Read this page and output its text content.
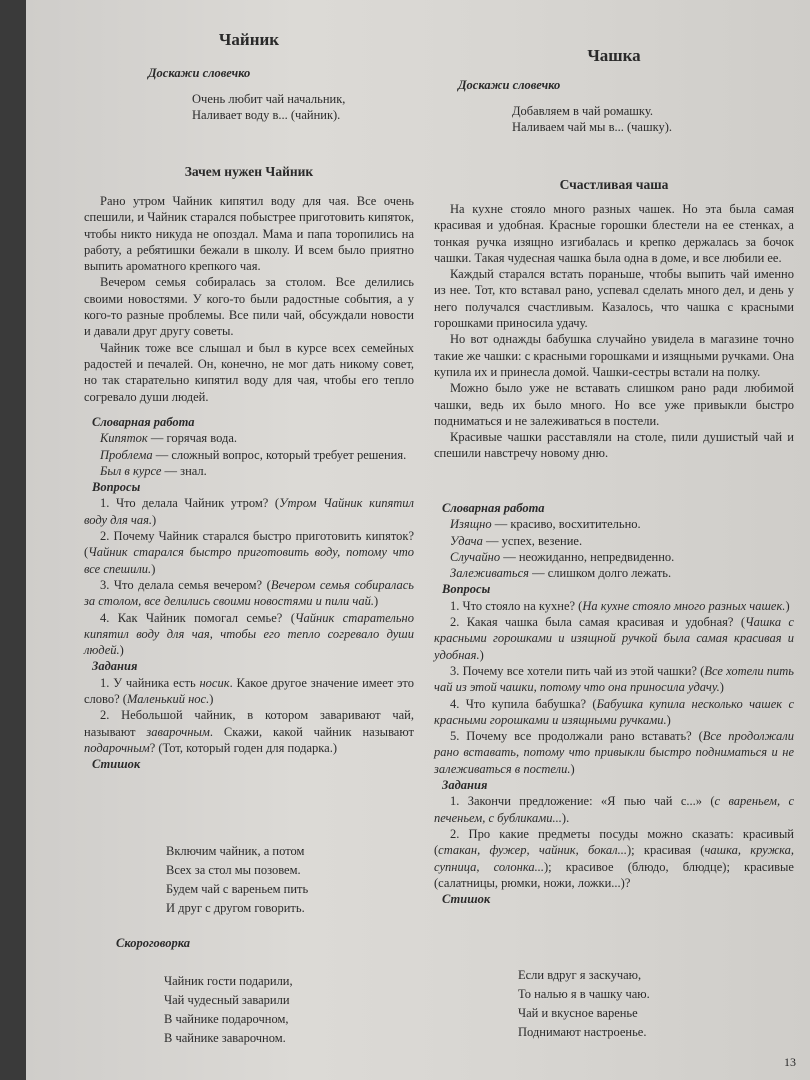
Чайник
Доскажи словечко
Очень любит чай начальник,
Наливает воду в... (чайник).
Зачем нужен Чайник

Рано утром Чайник кипятил воду для чая. Все очень спешили, и Чайник старался побыстрее приготовить кипяток, чтобы никто никуда не опоздал. Мама и папа торопились на работу, а ребятишки бежали в школу. И всем было приятно выпить ароматного крепкого чая.

Вечером семья собиралась за столом. Все делились своими новостями. У кого-то были радостные события, а у кого-то разные проблемы. Все пили чай, обсуждали новости и давали друг другу советы.

Чайник тоже все слышал и был в курсе всех семейных радостей и печалей. Он, конечно, не мог дать никому совет, но так старательно кипятил воду для чая, чтобы его тепло согревало души людей.

Словарная работа

Кипяток — горячая вода.

Проблема — сложный вопрос, который требует решения.

Был в курсе — знал.

Вопросы

1. Что делала Чайник утром? (Утром Чайник кипятил воду для чая.)

2. Почему Чайник старался быстро приготовить кипяток? (Чайник старался быстро приготовить воду, потому что все спешили.)

3. Что делала семья вечером? (Вечером семья собиралась за столом, все делились своими новостями и пили чай.)

4. Как Чайник помогал семье? (Чайник старательно кипятил воду для чая, чтобы его тепло согревало души людей.)

Задания

1. У чайника есть носик. Какое другое значение имеет это слово? (Маленький нос.)

2. Небольшой чайник, в котором заваривают чай, называют заварочным. Скажи, какой чайник называют подарочным? (Тот, который годен для подарка.)

Стишок
Включим чайник, а потом
Всех за стол мы позовем.
Будем чай с вареньем пить
И друг с другом говорить.
Скороговорка
Чайник гости подарили,
Чай чудесный заварили
В чайнике подарочном,
В чайнике заварочном.
Чашка
Доскажи словечко
Добавляем в чай ромашку.
Наливаем чай мы в... (чашку).
Счастливая чаша

На кухне стояло много разных чашек. Но эта была самая красивая и удобная. Красные горошки блестели на ее стенках, а тонкая ручка изящно изгибалась и крепко держалась за бочок чашки. Такая чудесная чашка была одна в доме, и все любили ее.

Каждый старался встать пораньше, чтобы выпить чай именно из нее. Тот, кто вставал рано, успевал сделать много дел, и день у него получался счастливым. Казалось, что чашка с красными горошками приносила удачу.

Но вот однажды бабушка случайно увидела в магазине точно такие же чашки: с красными горошками и изящными ручками. Она купила их и принесла домой. Чашки-сестры встали на полку.

Можно было уже не вставать слишком рано ради любимой чашки, ведь их было много. Но все уже привыкли быстро подниматься и не залеживаться в постели.

Красивые чашки расставляли на столе, пили душистый чай и спешили навстречу новому дню.

Словарная работа

Изящно — красиво, восхитительно.

Удача — успех, везение.

Случайно — неожиданно, непредвиденно.

Залеживаться — слишком долго лежать.

Вопросы

1. Что стояло на кухне? (На кухне стояло много разных чашек.)

2. Какая чашка была самая красивая и удобная? (Чашка с красными горошками и изящной ручкой была самая красивая и удобная.)

3. Почему все хотели пить чай из этой чашки? (Все хотели пить чай из этой чашки, потому что она приносила удачу.)

4. Что купила бабушка? (Бабушка купила несколько чашек с красными горошками и изящными ручками.)

5. Почему все продолжали рано вставать? (Все продолжали рано вставать, потому что привыкли быстро подниматься и не залеживаться в постели.)

Задания

1. Закончи предложение: «Я пью чай с...» (с вареньем, с печеньем, с бубликами...).

2. Про какие предметы посуды можно сказать: красивый (стакан, фужер, чайник, бокал...); красивая (чашка, кружка, супница, солонка...); красивое (блюдо, блюдце); красивые (салатницы, рюмки, ножи, ложки...)?

Стишок
Если вдруг я заскучаю,
То налью я в чашку чаю.
Чай и вкусное варенье
Поднимают настроенье.
13
